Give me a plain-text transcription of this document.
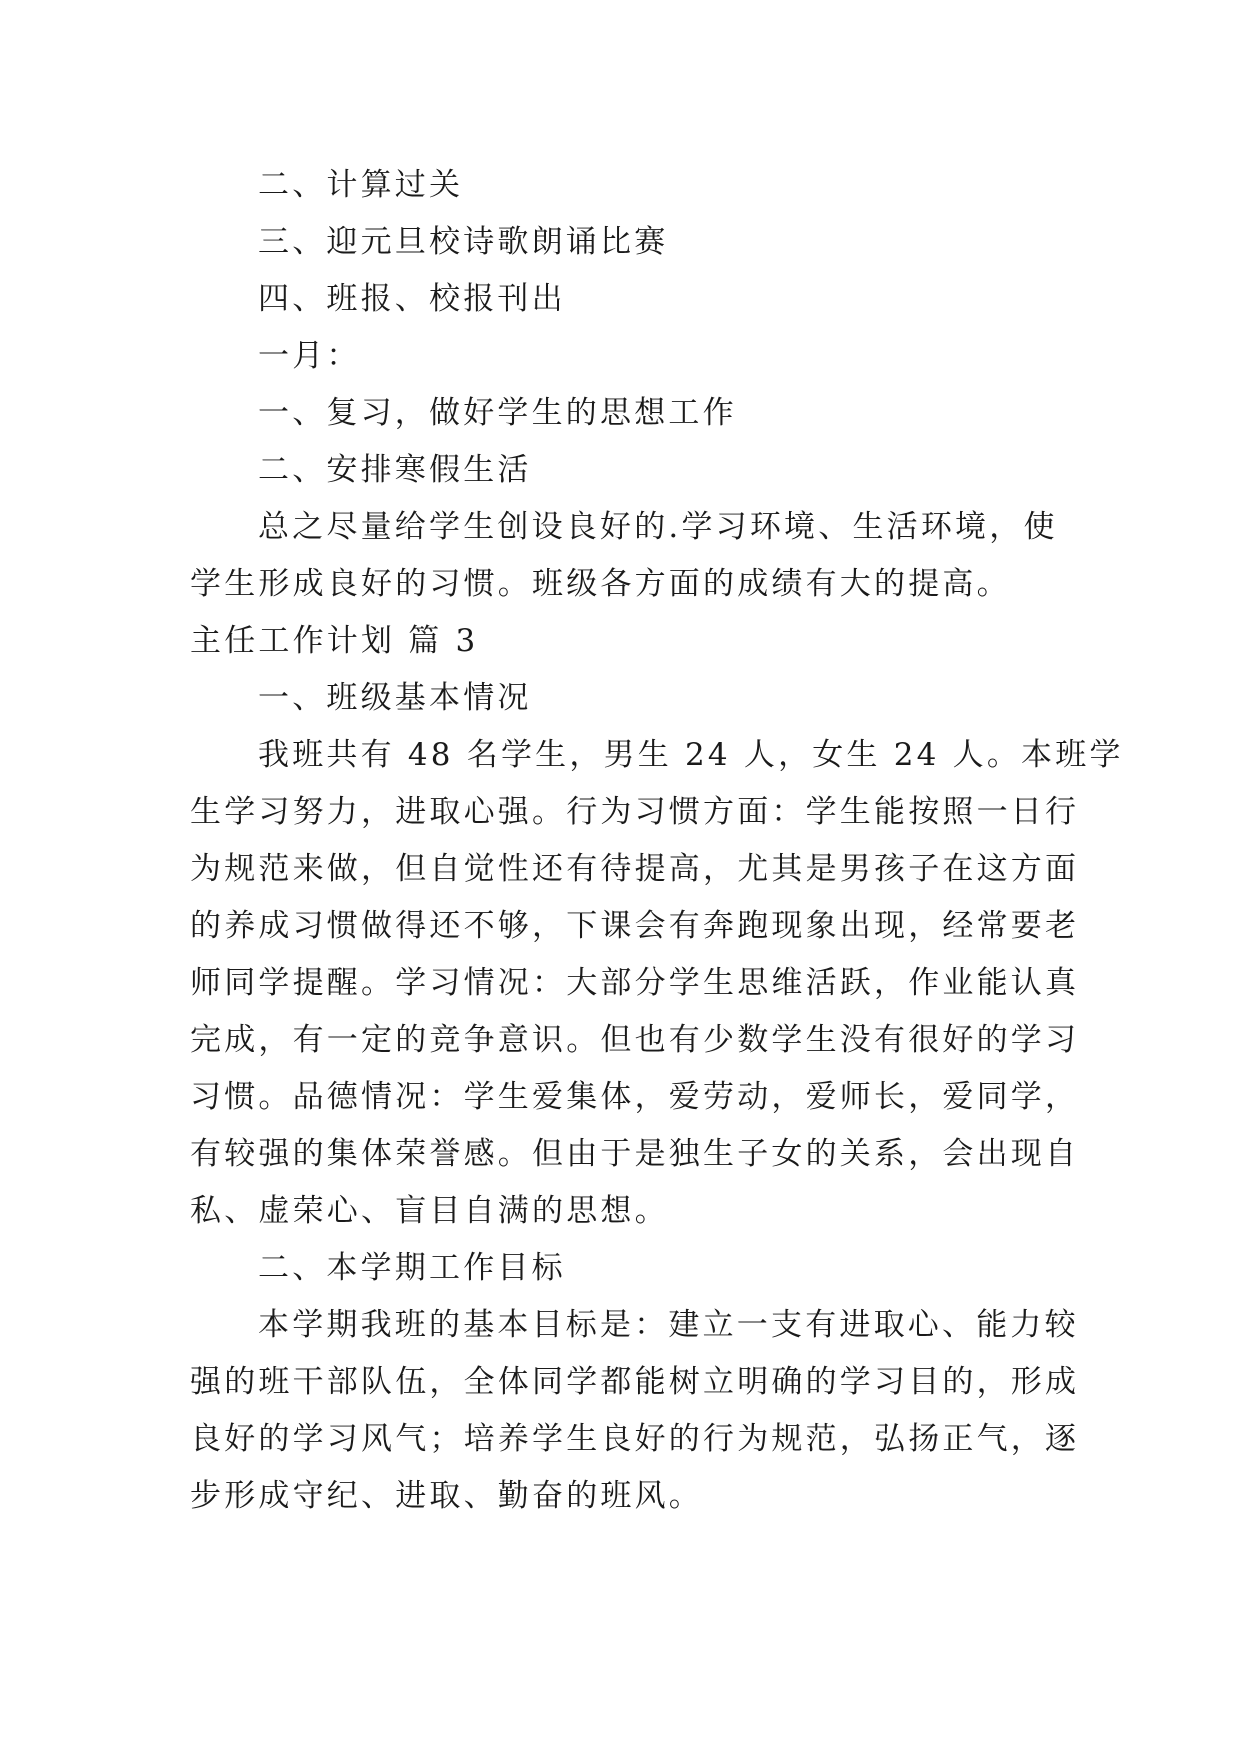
二、计算过关
三、迎元旦校诗歌朗诵比赛
四、班报、校报刊出
一月：
一、复习，做好学生的思想工作
二、安排寒假生活
总之尽量给学生创设良好的.学习环境、生活环境，使
学生形成良好的习惯。班级各方面的成绩有大的提高。
主任工作计划 篇 3
一、班级基本情况
我班共有 48 名学生，男生 24 人，女生 24 人。本班学
生学习努力，进取心强。行为习惯方面：学生能按照一日行
为规范来做，但自觉性还有待提高，尤其是男孩子在这方面
的养成习惯做得还不够，下课会有奔跑现象出现，经常要老
师同学提醒。学习情况：大部分学生思维活跃，作业能认真
完成，有一定的竞争意识。但也有少数学生没有很好的学习
习惯。品德情况：学生爱集体，爱劳动，爱师长，爱同学，
有较强的集体荣誉感。但由于是独生子女的关系，会出现自
私、虚荣心、盲目自满的思想。
二、本学期工作目标
本学期我班的基本目标是：建立一支有进取心、能力较
强的班干部队伍，全体同学都能树立明确的学习目的，形成
良好的学习风气；培养学生良好的行为规范，弘扬正气，逐
步形成守纪、进取、勤奋的班风。
